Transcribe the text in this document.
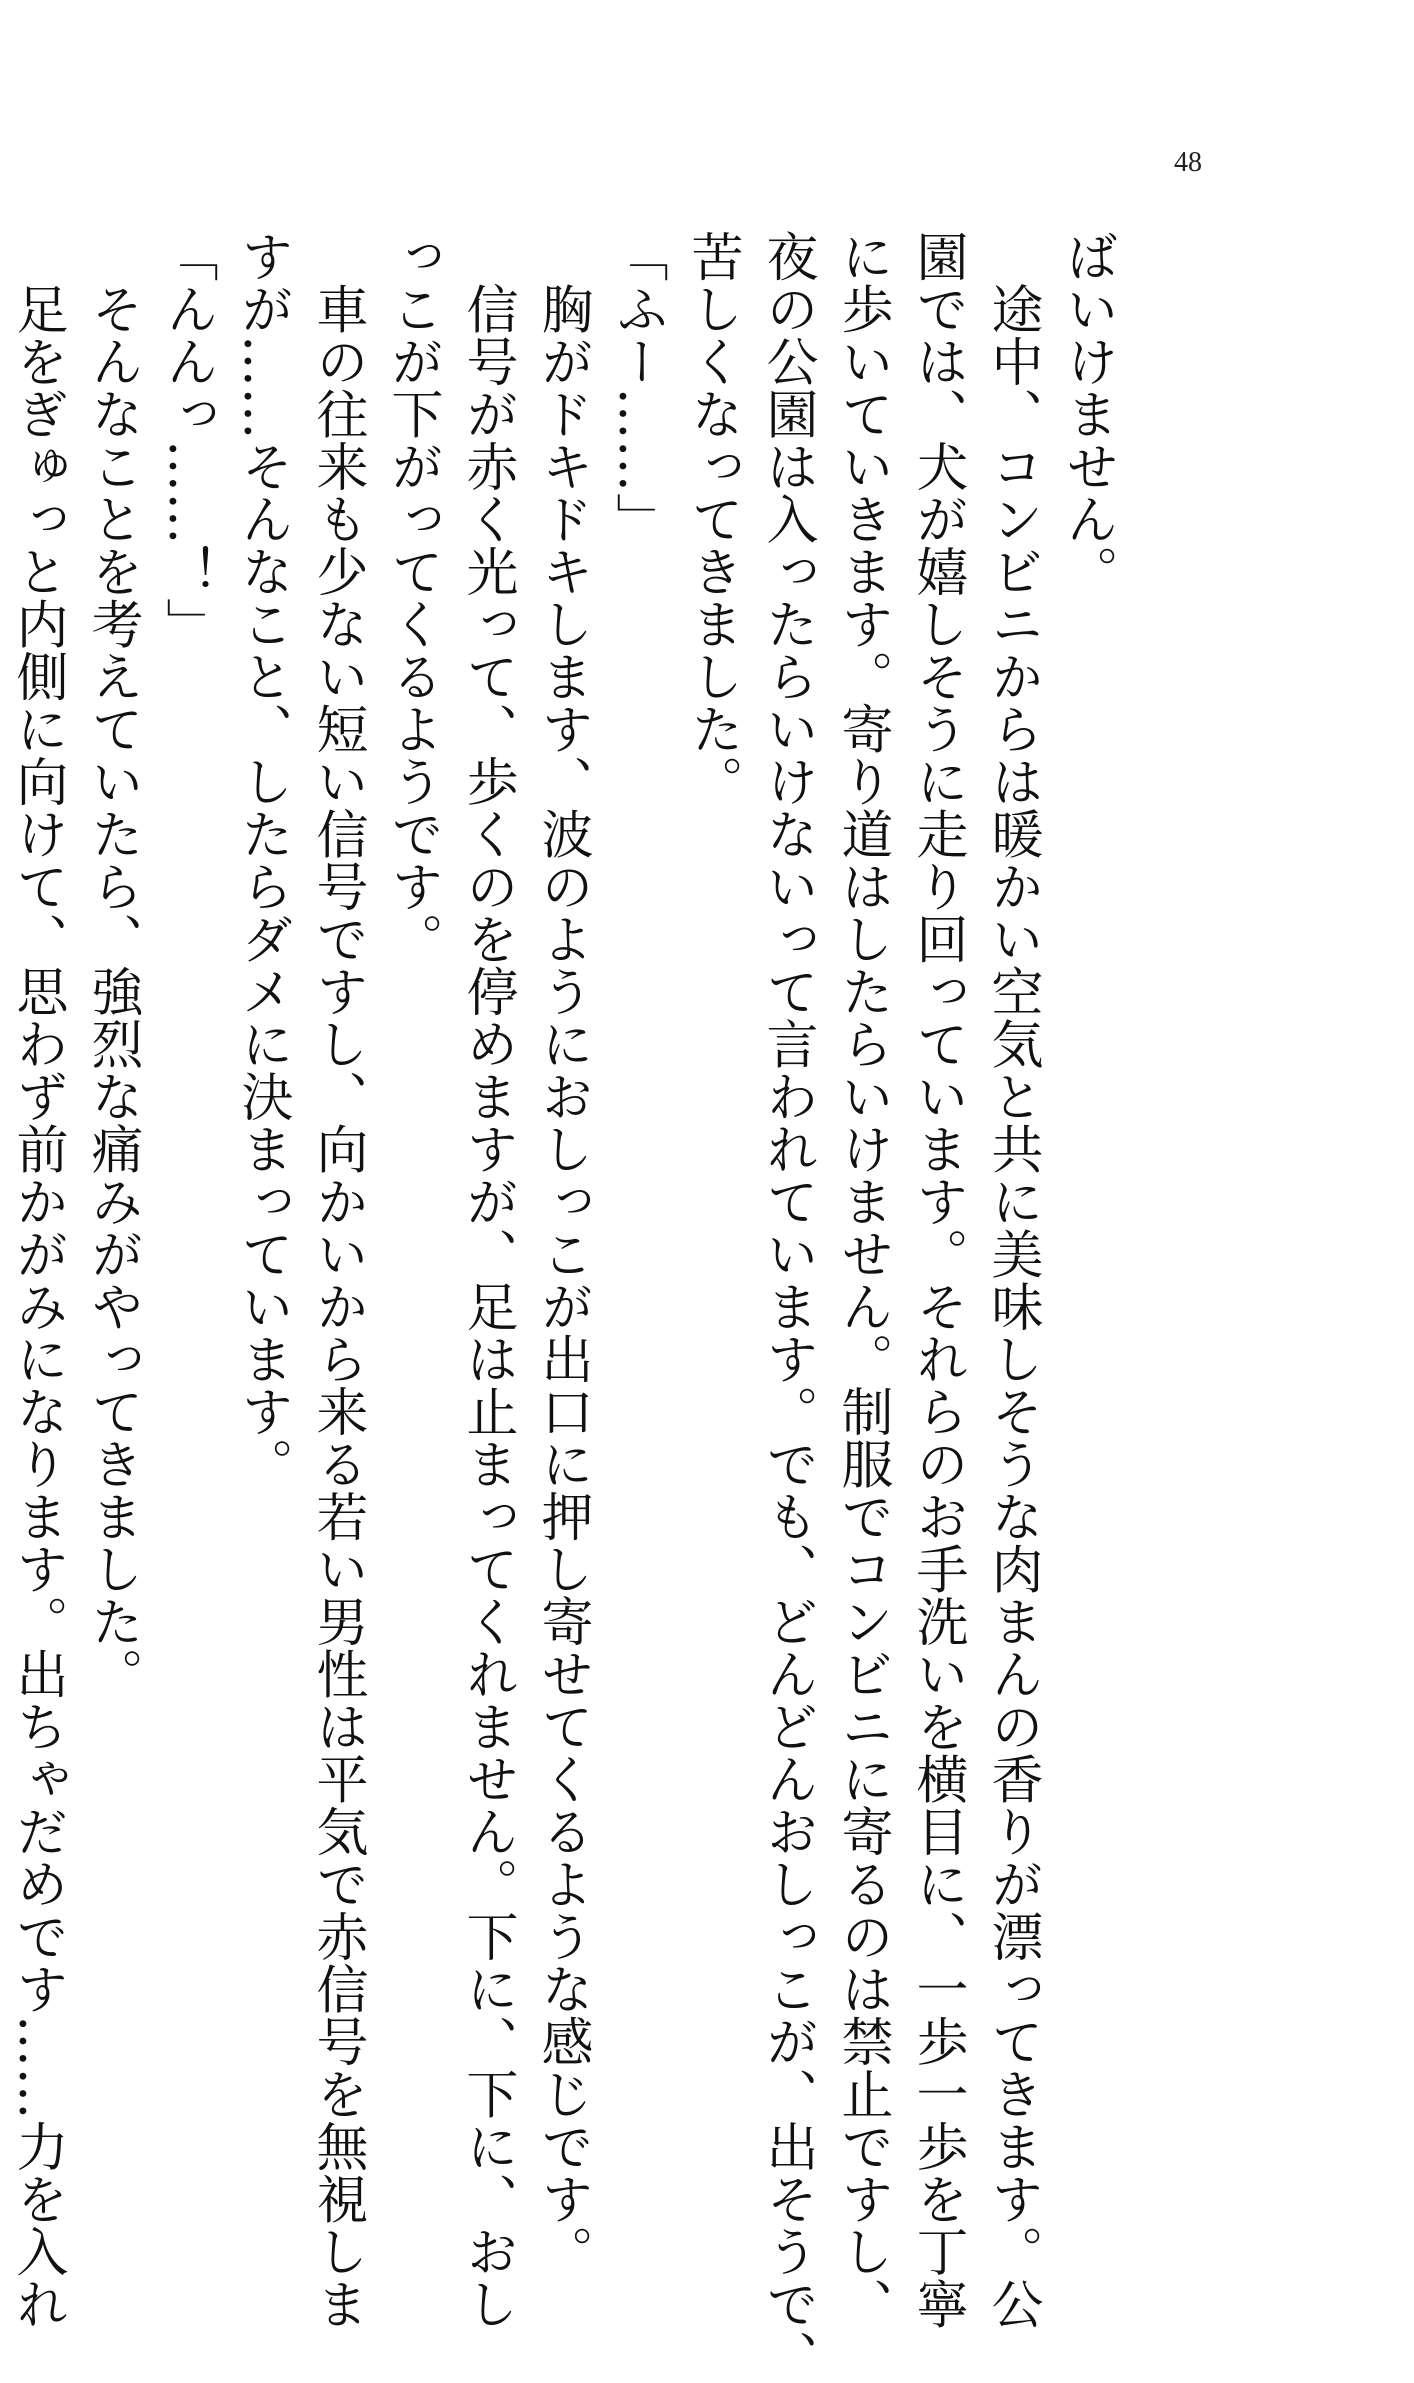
48
ばいけません。
　途中、コンビニからは暖かい空気と共に美味しそうな肉まんの香りが漂ってきます。公
園では、犬が嬉しそうに走り回っています。それらのお手洗いを横目に、一歩一歩を丁寧
に歩いていきます。寄り道はしたらいけません。制服でコンビニに寄るのは禁止ですし、
夜の公園は入ったらいけないって言われています。でも、どんどんおしっこが、出そうで、
苦しくなってきました。
「ふー……」
　胸がドキドキします、波のようにおしっこが出口に押し寄せてくるような感じです。
　信号が赤く光って、歩くのを停めますが、足は止まってくれません。下に、下に、おし
っこが下がってくるようです。
　車の往来も少ない短い信号ですし、向かいから来る若い男性は平気で赤信号を無視しま
すが……そんなこと、したらダメに決まっています。
「んんっ……！」
　そんなことを考えていたら、強烈な痛みがやってきました。
　足をぎゅっと内側に向けて、思わず前かがみになります。出ちゃだめです……力を入れ
